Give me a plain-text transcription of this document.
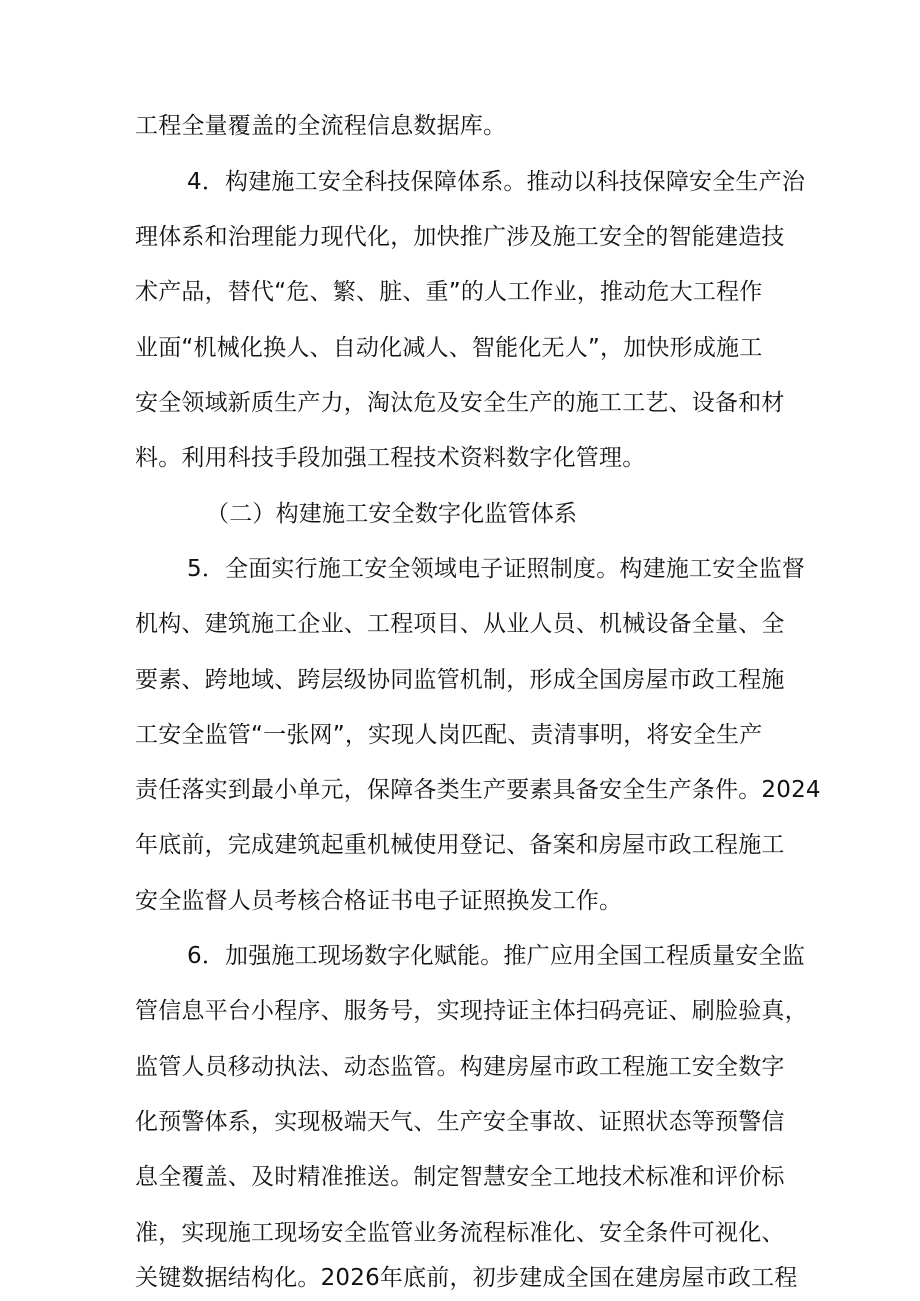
工程全量覆盖的全流程信息数据库。
4．构建施工安全科技保障体系。推动以科技保障安全生产治
理体系和治理能力现代化，加快推广涉及施工安全的智能建造技
术产品，替代“危、繁、脏、重”的人工作业，推动危大工程作
业面“机械化换人、自动化减人、智能化无人”，加快形成施工
安全领域新质生产力，淘汰危及安全生产的施工工艺、设备和材
料。利用科技手段加强工程技术资料数字化管理。
（二）构建施工安全数字化监管体系
5．全面实行施工安全领域电子证照制度。构建施工安全监督
机构、建筑施工企业、工程项目、从业人员、机械设备全量、全
要素、跨地域、跨层级协同监管机制，形成全国房屋市政工程施
工安全监管“一张网”，实现人岗匹配、责清事明，将安全生产
责任落实到最小单元，保障各类生产要素具备安全生产条件。2024
年底前，完成建筑起重机械使用登记、备案和房屋市政工程施工
安全监督人员考核合格证书电子证照换发工作。
6．加强施工现场数字化赋能。推广应用全国工程质量安全监
管信息平台小程序、服务号，实现持证主体扫码亮证、刷脸验真，
监管人员移动执法、动态监管。构建房屋市政工程施工安全数字
化预警体系，实现极端天气、生产安全事故、证照状态等预警信
息全覆盖、及时精准推送。制定智慧安全工地技术标准和评价标
准，实现施工现场安全监管业务流程标准化、安全条件可视化、
关键数据结构化。2026年底前，初步建成全国在建房屋市政工程
